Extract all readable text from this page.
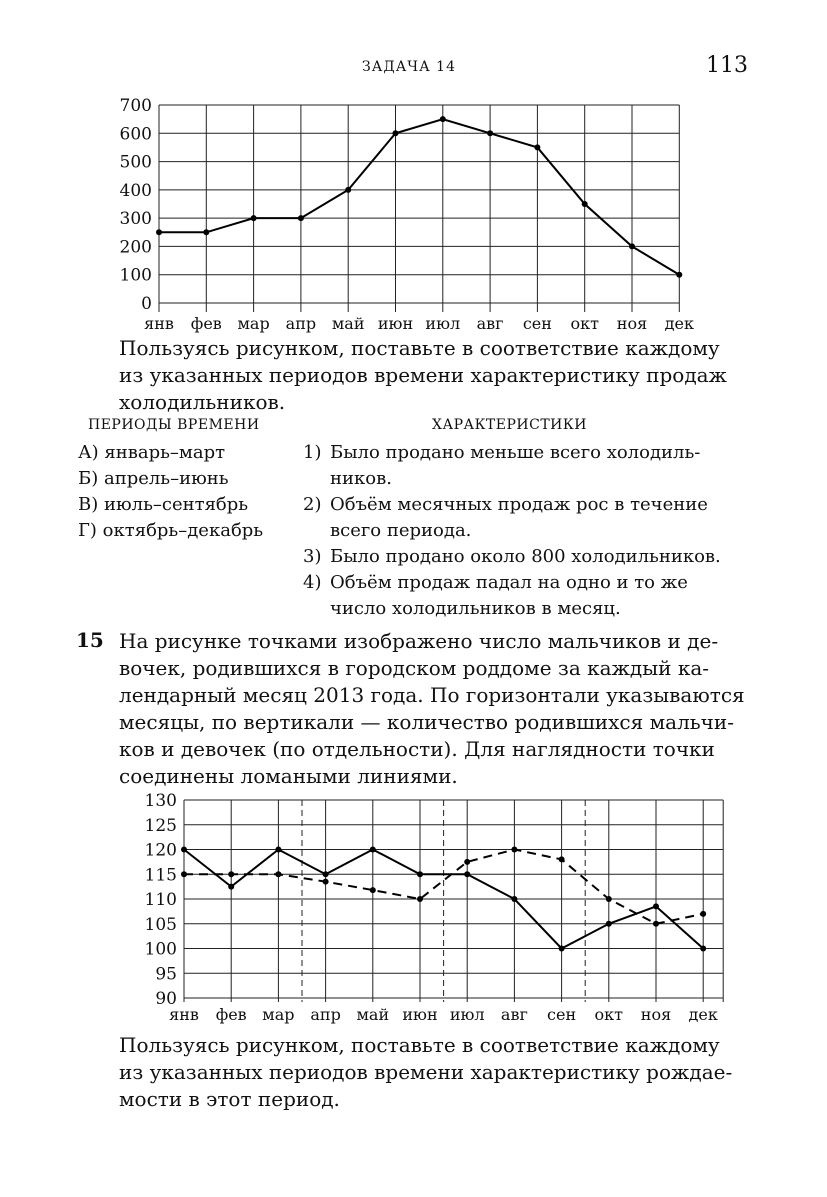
ЗАДАЧА 14	113
0
100
200
300
400
500
600
700
янв фев мар апр май июн июл авг сен окт ноя дек
Пользуясь рисунком, поставьте в соответствие каждому
из указанных периодов времени характеристику продаж
холодильников.
ПЕРИОДЫ ВРЕМЕНИ	ХАРАКТЕРИСТИКИ
А) январь–март
Б) апрель–июнь
В) июль–сентябрь
Г) октябрь–декабрь
1) Было продано меньше всего холодиль-
ников.
2) Объём месячных продаж рос в течение
всего периода.
3) Было продано около 800 холодильников.
4) Объём продаж падал на одно и то же
число холодильников в месяц.
15 На рисунке точками изображено число мальчиков и де-
вочек, родившихся в городском роддоме за каждый ка-
лендарный месяц 2013 года. По горизонтали указываются
месяцы, по вертикали — количество родившихся мальчи-
ков и девочек (по отдельности). Для наглядности точки
соединены ломаными линиями.
90
95
100
105
110
115
120
125
130
янв фев мар апр май июн июл авг сен окт ноя дек
Пользуясь рисунком, поставьте в соответствие каждому
из указанных периодов времени характеристику рождае-
мости в этот период.
